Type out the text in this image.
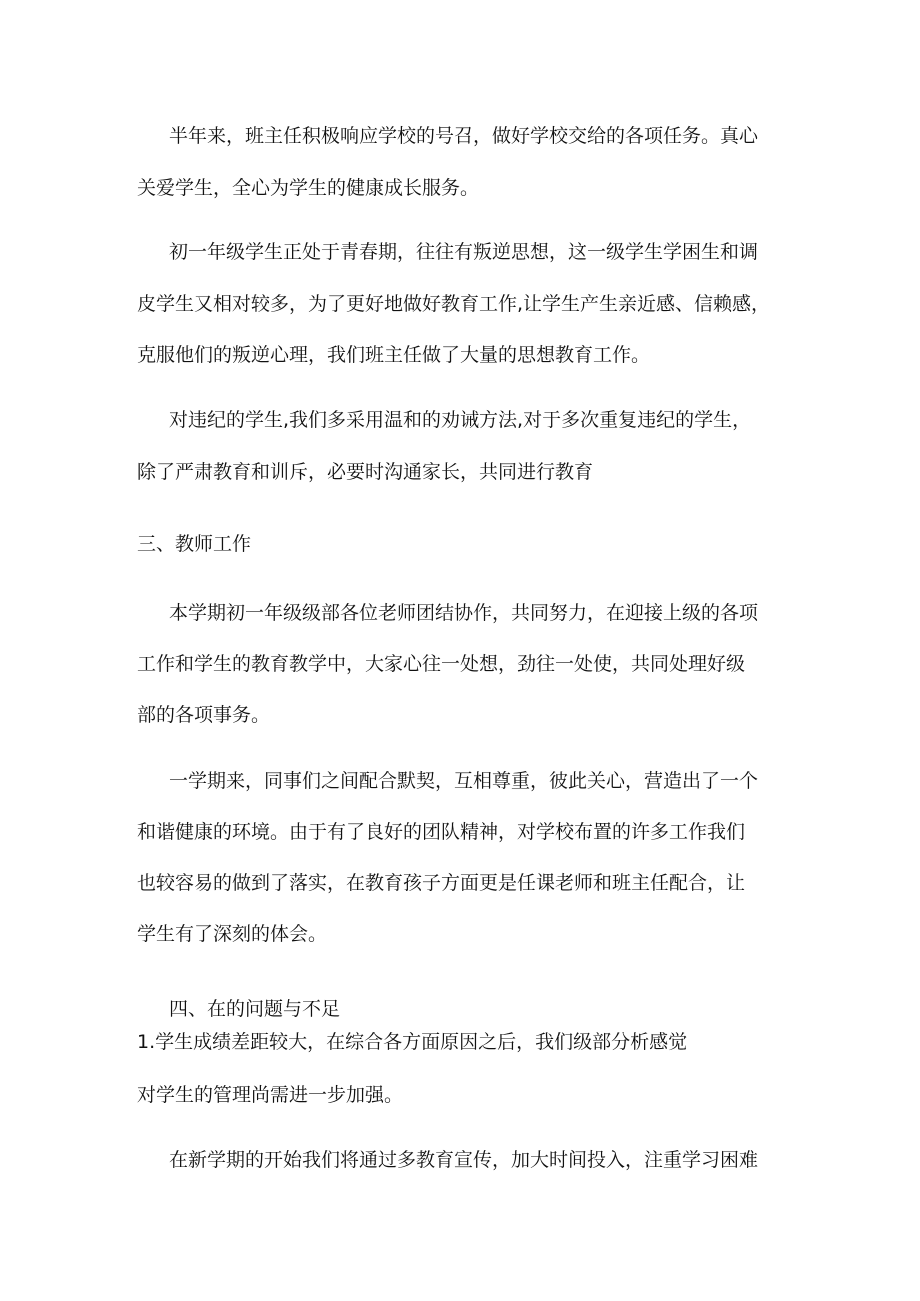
半年来，班主任积极响应学校的号召，做好学校交给的各项任务。真心
关爱学生，全心为学生的健康成长服务。
初一年级学生正处于青春期，往往有叛逆思想，这一级学生学困生和调
皮学生又相对较多，为了更好地做好教育工作,让学生产生亲近感、信赖感，
克服他们的叛逆心理，我们班主任做了大量的思想教育工作。
对违纪的学生,我们多采用温和的劝诫方法,对于多次重复违纪的学生，
除了严肃教育和训斥，必要时沟通家长，共同进行教育
三、教师工作
本学期初一年级级部各位老师团结协作，共同努力，在迎接上级的各项
工作和学生的教育教学中，大家心往一处想，劲往一处使，共同处理好级
部的各项事务。
一学期来，同事们之间配合默契，互相尊重，彼此关心，营造出了一个
和谐健康的环境。由于有了良好的团队精神，对学校布置的许多工作我们
也较容易的做到了落实，在教育孩子方面更是任课老师和班主任配合，让
学生有了深刻的体会。
四、在的问题与不足
1.学生成绩差距较大，在综合各方面原因之后，我们级部分析感觉
对学生的管理尚需进一步加强。
在新学期的开始我们将通过多教育宣传，加大时间投入，注重学习困难
